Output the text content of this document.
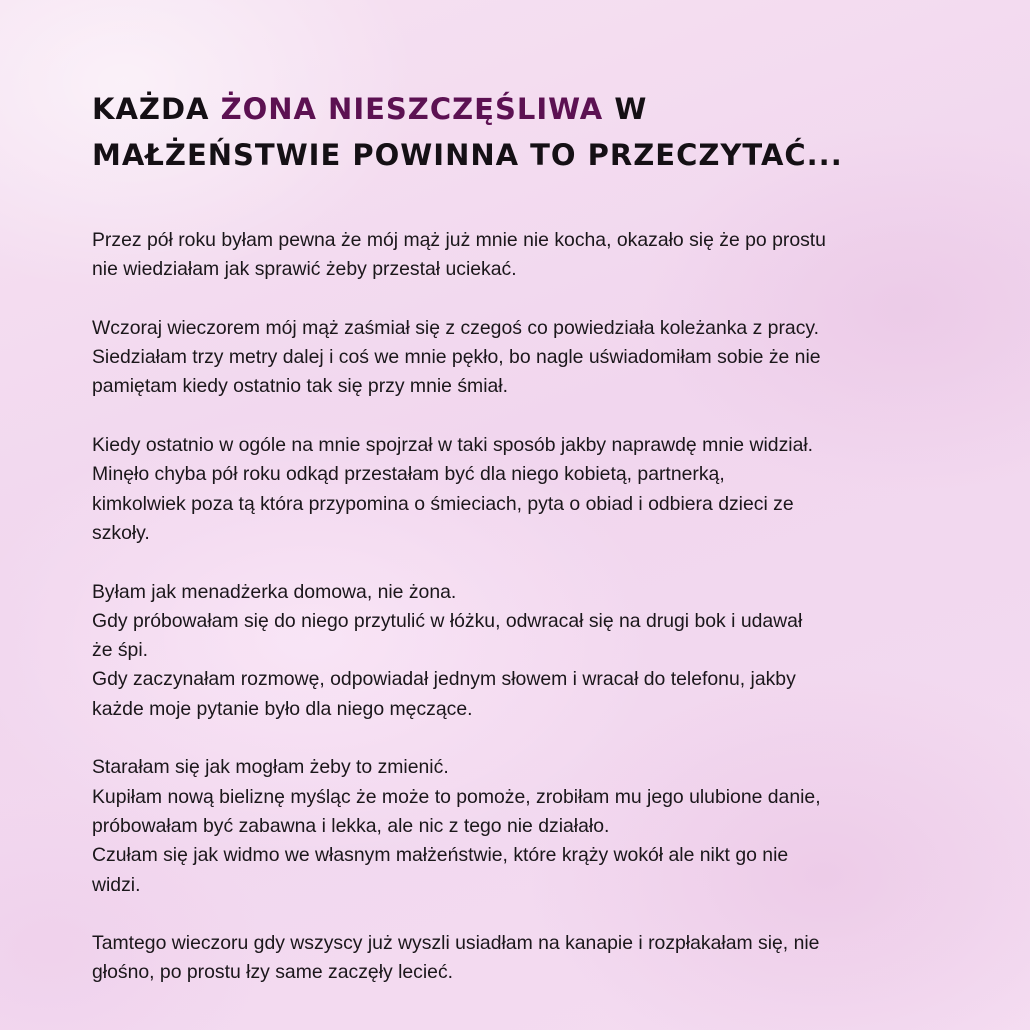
KAŻDA ŻONA NIESZCZĘŚLIWA W
MAŁŻEŃSTWIE POWINNA TO PRZECZYTAĆ...

Przez pół roku byłam pewna że mój mąż już mnie nie kocha, okazało się że po prostu
nie wiedziałam jak sprawić żeby przestał uciekać.

Wczoraj wieczorem mój mąż zaśmiał się z czegoś co powiedziała koleżanka z pracy.
Siedziałam trzy metry dalej i coś we mnie pękło, bo nagle uświadomiłam sobie że nie
pamiętam kiedy ostatnio tak się przy mnie śmiał.

Kiedy ostatnio w ogóle na mnie spojrzał w taki sposób jakby naprawdę mnie widział.
Minęło chyba pół roku odkąd przestałam być dla niego kobietą, partnerką,
kimkolwiek poza tą która przypomina o śmieciach, pyta o obiad i odbiera dzieci ze
szkoły.

Byłam jak menadżerka domowa, nie żona.
Gdy próbowałam się do niego przytulić w łóżku, odwracał się na drugi bok i udawał
że śpi.
Gdy zaczynałam rozmowę, odpowiadał jednym słowem i wracał do telefonu, jakby
każde moje pytanie było dla niego męczące.

Starałam się jak mogłam żeby to zmienić.
Kupiłam nową bieliznę myśląc że może to pomoże, zrobiłam mu jego ulubione danie,
próbowałam być zabawna i lekka, ale nic z tego nie działało.
Czułam się jak widmo we własnym małżeństwie, które krąży wokół ale nikt go nie
widzi.

Tamtego wieczoru gdy wszyscy już wyszli usiadłam na kanapie i rozpłakałam się, nie
głośno, po prostu łzy same zaczęły lecieć.
